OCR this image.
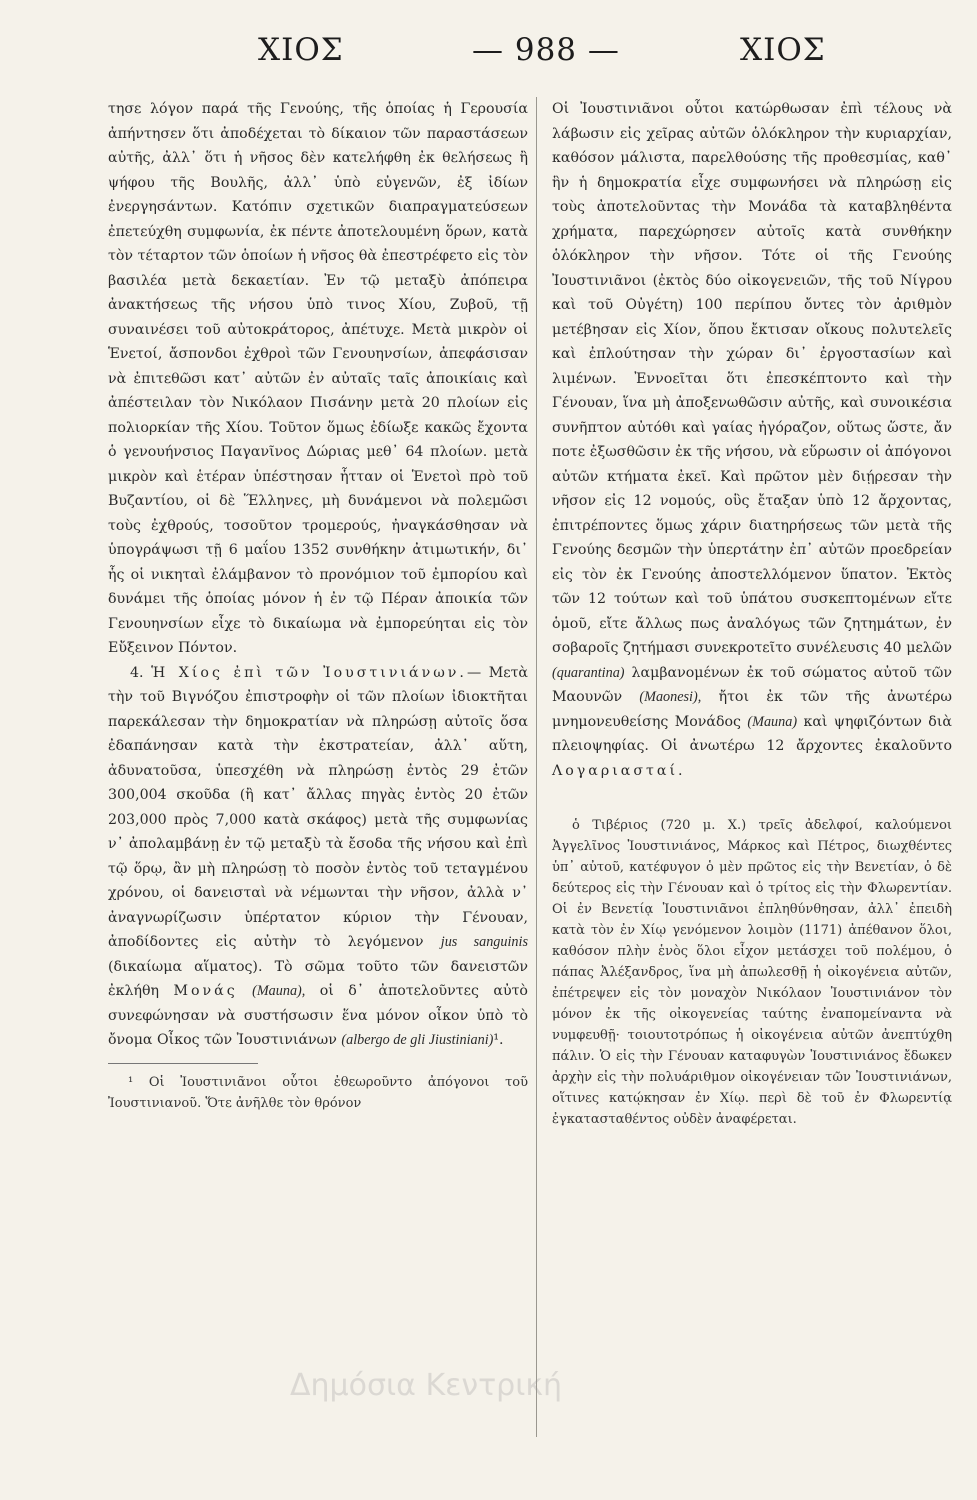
ΧΙΟΣ	— 988 —	ΧΙΟΣ

τησε λόγον παρά τῆς Γενούης, τῆς ὁποίας ἡ Γερουσία ἀπήντησεν ὅτι ἀποδέχεται τὸ δίκαιον τῶν παραστάσεων αὐτῆς, ἀλλ᾽ ὅτι ἡ νῆσος δὲν κατελήφθη ἐκ θελήσεως ἢ ψήφου τῆς Βουλῆς, ἀλλ᾽ ὑπὸ εὐγενῶν, ἐξ ἰδίων ἐνεργησάντων. Κατόπιν σχετικῶν διαπραγματεύσεων ἐπετεύχθη συμφωνία, ἐκ πέντε ἀποτελουμένη ὅρων, κατὰ τὸν τέταρτον τῶν ὁποίων ἡ νῆσος θὰ ἐπεστρέφετο εἰς τὸν βασιλέα μετὰ δεκαετίαν. Ἐν τῷ μεταξὺ ἀπόπειρα ἀνακτήσεως τῆς νήσου ὑπὸ τινος Χίου, Ζυβοῦ, τῇ συναινέσει τοῦ αὐτοκράτορος, ἀπέτυχε. Μετὰ μικρὸν οἱ Ἑνετοί, ἄσπονδοι ἐχθροὶ τῶν Γενουηνσίων, ἀπεφάσισαν νὰ ἐπιτεθῶσι κατ᾽ αὐτῶν ἐν αὐταῖς ταῖς ἀποικίαις καὶ ἀπέστειλαν τὸν Νικόλαον Πισάνην μετὰ 20 πλοίων εἰς πολιορκίαν τῆς Χίου. Τοῦτον ὅμως ἐδίωξε κακῶς ἔχοντα ὁ γενουήνσιος Παγανῖνος Δώριας μεθ᾽ 64 πλοίων. μετὰ μικρὸν καὶ ἑτέραν ὑπέστησαν ἧτταν οἱ Ἑνετοὶ πρὸ τοῦ Βυζαντίου, οἱ δὲ Ἕλληνες, μὴ δυνάμενοι νὰ πολεμῶσι τοὺς ἐχθρούς, τοσοῦτον τρομερούς, ἠναγκάσθησαν νὰ ὑπογράψωσι τῇ 6 μαΐου 1352 συνθήκην ἀτιμωτικήν, δι᾽ ἧς οἱ νικηταὶ ἐλάμβανον τὸ προνόμιον τοῦ ἐμπορίου καὶ δυνάμει τῆς ὁποίας μόνον ἡ ἐν τῷ Πέραν ἀποικία τῶν Γενουηνσίων εἶχε τὸ δικαίωμα νὰ ἐμπορεύηται εἰς τὸν Εὔξεινον Πόντον.

4. Ἡ Χίος ἐπὶ τῶν Ἰουστινιάνων.— Μετὰ τὴν τοῦ Βιγνόζου ἐπιστροφὴν οἱ τῶν πλοίων ἰδιοκτῆται παρεκάλεσαν τὴν δημοκρατίαν νὰ πληρώσῃ αὐτοῖς ὅσα ἐδαπάνησαν κατὰ τὴν ἐκστρατείαν, ἀλλ᾽ αὕτη, ἀδυνατοῦσα, ὑπεσχέθη νὰ πληρώσῃ ἐντὸς 29 ἐτῶν 300,004 σκοῦδα (ἢ κατ᾽ ἄλλας πηγὰς ἐντὸς 20 ἐτῶν 203,000 πρὸς 7,000 κατὰ σκάφος) μετὰ τῆς συμφωνίας ν᾽ ἀπολαμβάνῃ ἐν τῷ μεταξὺ τὰ ἔσοδα τῆς νήσου καὶ ἐπὶ τῷ ὅρῳ, ἂν μὴ πληρώσῃ τὸ ποσὸν ἐντὸς τοῦ τεταγμένου χρόνου, οἱ δανεισταὶ νὰ νέμωνται τὴν νῆσον, ἀλλὰ ν᾽ ἀναγνωρίζωσιν ὑπέρτατον κύριον τὴν Γένουαν, ἀποδίδοντες εἰς αὐτὴν τὸ λεγόμενον jus sanguinis (δικαίωμα αἵματος). Τὸ σῶμα τοῦτο τῶν δανειστῶν ἐκλήθη Μονάς (Mauna), οἱ δ᾽ ἀποτελοῦντες αὐτὸ συνεφώνησαν νὰ συστήσωσιν ἕνα μόνον οἶκον ὑπὸ τὸ ὄνομα Οἶκος τῶν Ἰουστινιάνων (albergo de gli Jiustiniani)¹.

¹ Οἱ Ἰουστινιᾶνοι οὗτοι ἐθεωροῦντο ἀπόγονοι τοῦ Ἰουστινιανοῦ. Ὅτε ἀνῆλθε τὸν θρόνον

Οἱ Ἰουστινιᾶνοι οὗτοι κατώρθωσαν ἐπὶ τέλους νὰ λάβωσιν εἰς χεῖρας αὐτῶν ὁλόκληρον τὴν κυριαρχίαν, καθόσον μάλιστα, παρελθούσης τῆς προθεσμίας, καθ᾽ ἣν ἡ δημοκρατία εἶχε συμφωνήσει νὰ πληρώσῃ εἰς τοὺς ἀποτελοῦντας τὴν Μονάδα τὰ καταβληθέντα χρήματα, παρεχώρησεν αὐτοῖς κατὰ συνθήκην ὁλόκληρον τὴν νῆσον. Τότε οἱ τῆς Γενούης Ἰουστινιᾶνοι (ἐκτὸς δύο οἰκογενειῶν, τῆς τοῦ Νίγρου καὶ τοῦ Οὐγέτη) 100 περίπου ὄντες τὸν ἀριθμὸν μετέβησαν εἰς Χίον, ὅπου ἔκτισαν οἴκους πολυτελεῖς καὶ ἐπλούτησαν τὴν χώραν δι᾽ ἐργοστασίων καὶ λιμένων. Ἐννοεῖται ὅτι ἐπεσκέπτοντο καὶ τὴν Γένουαν, ἵνα μὴ ἀποξενωθῶσιν αὐτῆς, καὶ συνοικέσια συνῆπτον αὐτόθι καὶ γαίας ἠγόραζον, οὕτως ὥστε, ἄν ποτε ἐξωσθῶσιν ἐκ τῆς νήσου, νὰ εὕρωσιν οἱ ἀπόγονοι αὐτῶν κτήματα ἐκεῖ. Καὶ πρῶτον μὲν διῄρεσαν τὴν νῆσον εἰς 12 νομούς, οὓς ἔταξαν ὑπὸ 12 ἄρχοντας, ἐπιτρέποντες ὅμως χάριν διατηρήσεως τῶν μετὰ τῆς Γενούης δεσμῶν τὴν ὑπερτάτην ἐπ᾽ αὐτῶν προεδρείαν εἰς τὸν ἐκ Γενούης ἀποστελλόμενον ὕπατον. Ἐκτὸς τῶν 12 τούτων καὶ τοῦ ὑπάτου συσκεπτομένων εἴτε ὁμοῦ, εἴτε ἄλλως πως ἀναλόγως τῶν ζητημάτων, ἐν σοβαροῖς ζητήμασι συνεκροτεῖτο συνέλευσις 40 μελῶν (quarantina) λαμβανομένων ἐκ τοῦ σώματος αὐτοῦ τῶν Μαουνῶν (Maonesi), ἤτοι ἐκ τῶν τῆς ἀνωτέρω μνημονευθείσης Μονάδος (Mauna) καὶ ψηφιζόντων διὰ πλειοψηφίας. Οἱ ἀνωτέρω 12 ἄρχοντες ἐκαλοῦντο Λογαριασταί.

ὁ Τιβέριος (720 μ. Χ.) τρεῖς ἀδελφοί, καλούμενοι Ἀγγελῖνος Ἰουστινιάνος, Μάρκος καὶ Πέτρος, διωχθέντες ὑπ᾽ αὐτοῦ, κατέφυγον ὁ μὲν πρῶτος εἰς τὴν Βενετίαν, ὁ δὲ δεύτερος εἰς τὴν Γένουαν καὶ ὁ τρίτος εἰς τὴν Φλωρεντίαν. Οἱ ἐν Βενετίᾳ Ἰουστινιᾶνοι ἐπληθύνθησαν, ἀλλ᾽ ἐπειδὴ κατὰ τὸν ἐν Χίῳ γενόμενον λοιμὸν (1171) ἀπέθανον ὅλοι, καθόσον πλὴν ἑνὸς ὅλοι εἶχον μετάσχει τοῦ πολέμου, ὁ πάπας Ἀλέξανδρος, ἵνα μὴ ἀπωλεσθῇ ἡ οἰκογένεια αὐτῶν, ἐπέτρεψεν εἰς τὸν μοναχὸν Νικόλαον Ἰουστινιάνον τὸν μόνον ἐκ τῆς οἰκογενείας ταύτης ἐναπομείναντα νὰ νυμφευθῇ· τοιουτοτρόπως ἡ οἰκογένεια αὐτῶν ἀνεπτύχθη πάλιν. Ὁ εἰς τὴν Γένουαν καταφυγὼν Ἰουστινιάνος ἔδωκεν ἀρχὴν εἰς τὴν πολυάριθμον οἰκογένειαν τῶν Ἰουστινιάνων, οἵτινες κατῴκησαν ἐν Χίῳ. περὶ δὲ τοῦ ἐν Φλωρεντίᾳ ἐγκατασταθέντος οὐδὲν ἀναφέρεται.

Δημόσια Κεντρική
